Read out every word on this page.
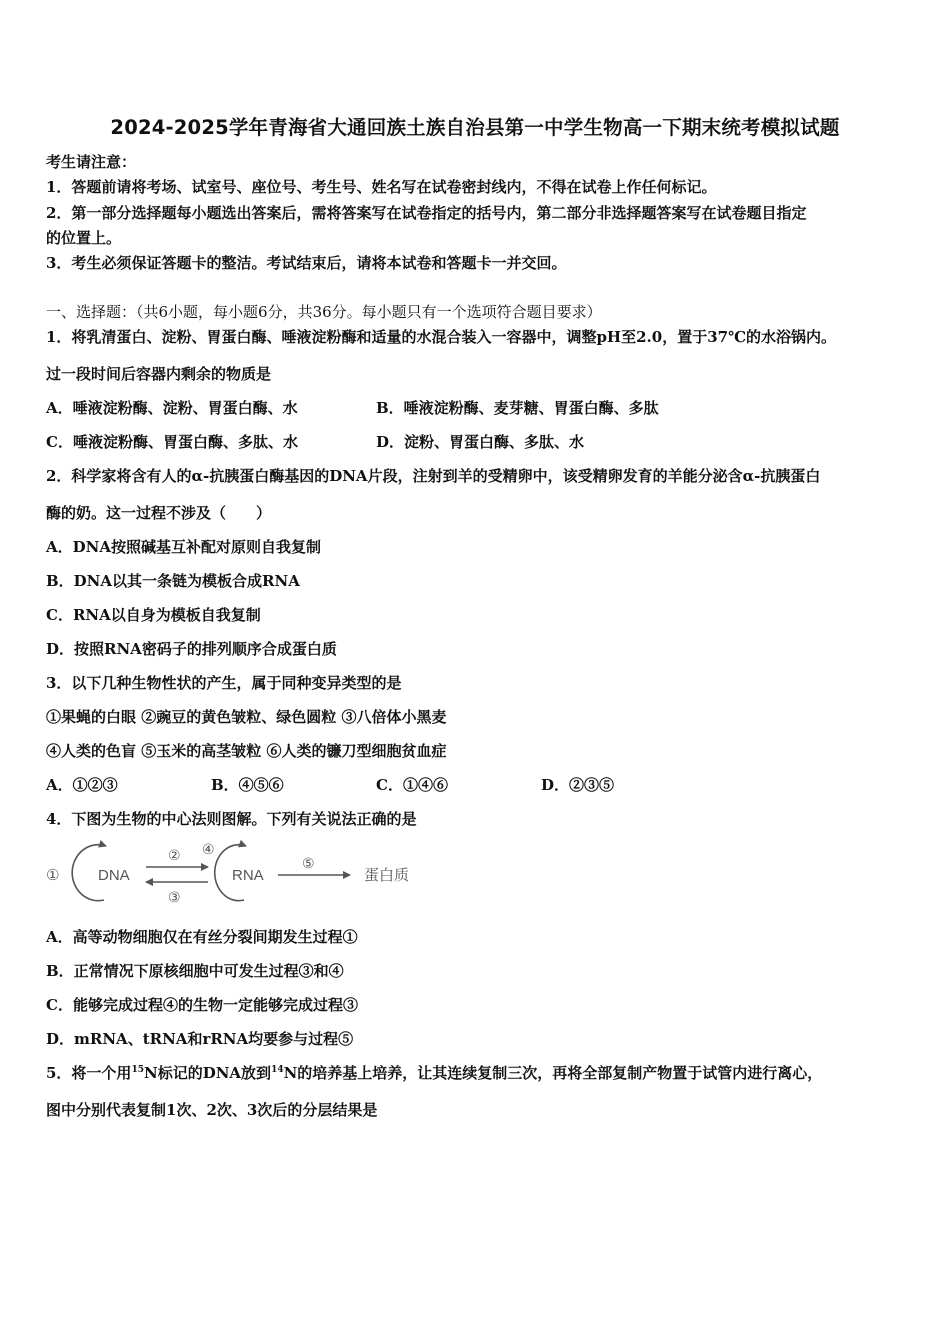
2024-2025学年青海省大通回族土族自治县第一中学生物高一下期末统考模拟试题
考生请注意：
1．答题前请将考场、试室号、座位号、考生号、姓名写在试卷密封线内，不得在试卷上作任何标记。
2．第一部分选择题每小题选出答案后，需将答案写在试卷指定的括号内，第二部分非选择题答案写在试卷题目指定
的位置上。
3．考生必须保证答题卡的整洁。考试结束后，请将本试卷和答题卡一并交回。
一、选择题：（共6小题，每小题6分，共36分。每小题只有一个选项符合题目要求）
1．将乳清蛋白、淀粉、胃蛋白酶、唾液淀粉酶和适量的水混合装入一容器中，调整pH至2.0，置于37℃的水浴锅内。
过一段时间后容器内剩余的物质是
A．唾液淀粉酶、淀粉、胃蛋白酶、水	B．唾液淀粉酶、麦芽糖、胃蛋白酶、多肽
C．唾液淀粉酶、胃蛋白酶、多肽、水	D．淀粉、胃蛋白酶、多肽、水
2．科学家将含有人的α-抗胰蛋白酶基因的DNA片段，注射到羊的受精卵中，该受精卵发育的羊能分泌含α-抗胰蛋白
酶的奶。这一过程不涉及（　　）
A．DNA按照碱基互补配对原则自我复制
B．DNA以其一条链为模板合成RNA
C．RNA以自身为模板自我复制
D．按照RNA密码子的排列顺序合成蛋白质
3．以下几种生物性状的产生，属于同种变异类型的是
①果蝇的白眼 ②豌豆的黄色皱粒、绿色圆粒 ③八倍体小黑麦
④人类的色盲 ⑤玉米的高茎皱粒 ⑥人类的镰刀型细胞贫血症
A．①②③	B．④⑤⑥	C．①④⑥	D．②③⑤
4．下图为生物的中心法则图解。下列有关说法正确的是
①	DNA
②
③
④
RNA
⑤
蛋白质
A．高等动物细胞仅在有丝分裂间期发生过程①
B．正常情况下原核细胞中可发生过程③和④
C．能够完成过程④的生物一定能够完成过程③
D．mRNA、tRNA和rRNA均要参与过程⑤
5．将一个用$^{15}$N标记的DNA放到$^{14}$N的培养基上培养，让其连续复制三次，再将全部复制产物置于试管内进行离心，
图中分别代表复制1次、2次、3次后的分层结果是
